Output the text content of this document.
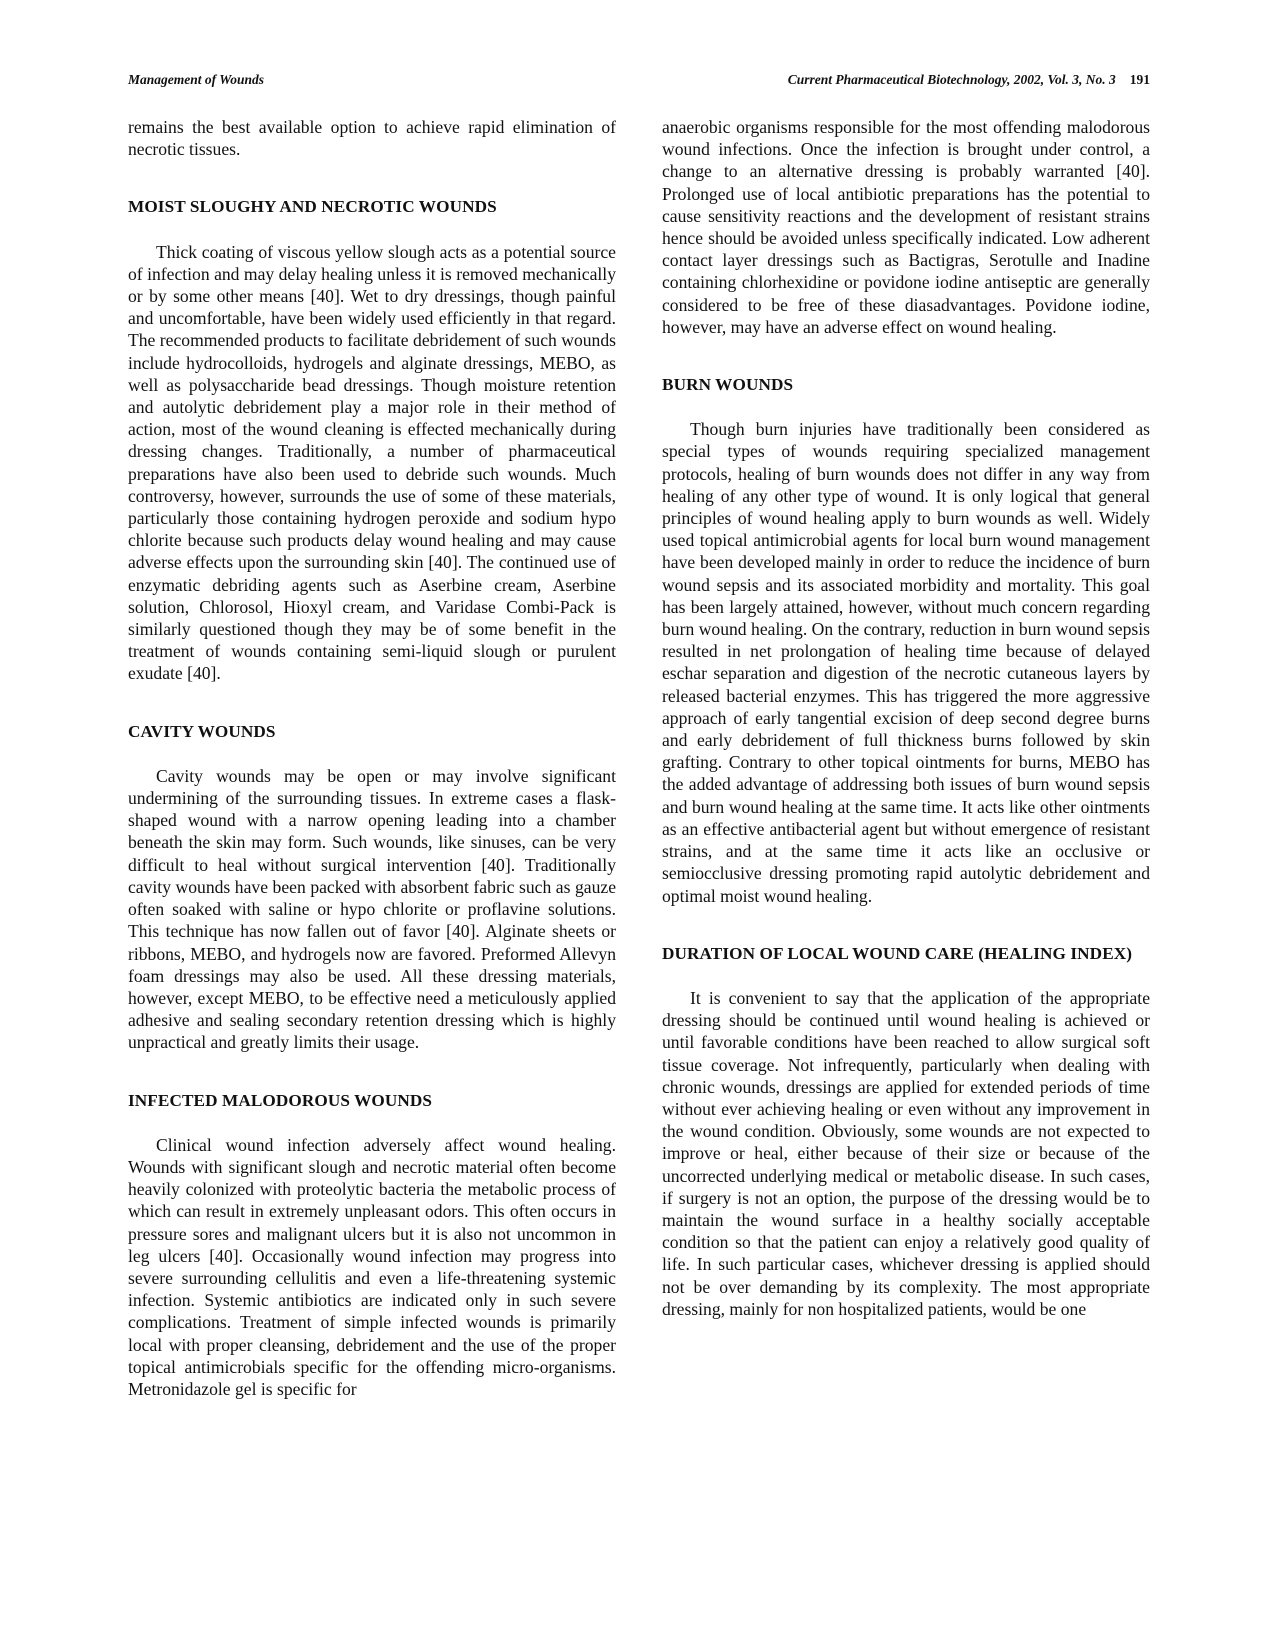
Management of Wounds	Current Pharmaceutical Biotechnology, 2002, Vol. 3, No. 3 191

remains the best available option to achieve rapid elimination of necrotic tissues.

MOIST SLOUGHY AND NECROTIC WOUNDS

Thick coating of viscous yellow slough acts as a potential source of infection and may delay healing unless it is removed mechanically or by some other means [40]. Wet to dry dressings, though painful and uncomfortable, have been widely used efficiently in that regard. The recommended products to facilitate debridement of such wounds include hydrocolloids, hydrogels and alginate dressings, MEBO, as well as polysaccharide bead dressings. Though moisture retention and autolytic debridement play a major role in their method of action, most of the wound cleaning is effected mechanically during dressing changes. Traditionally, a number of pharmaceutical preparations have also been used to debride such wounds. Much controversy, however, surrounds the use of some of these materials, particularly those containing hydrogen peroxide and sodium hypo chlorite because such products delay wound healing and may cause adverse effects upon the surrounding skin [40]. The continued use of enzymatic debriding agents such as Aserbine cream, Aserbine solution, Chlorosol, Hioxyl cream, and Varidase Combi-Pack is similarly questioned though they may be of some benefit in the treatment of wounds containing semi-liquid slough or purulent exudate [40].

CAVITY WOUNDS

Cavity wounds may be open or may involve significant undermining of the surrounding tissues. In extreme cases a flask-shaped wound with a narrow opening leading into a chamber beneath the skin may form. Such wounds, like sinuses, can be very difficult to heal without surgical intervention [40]. Traditionally cavity wounds have been packed with absorbent fabric such as gauze often soaked with saline or hypo chlorite or proflavine solutions. This technique has now fallen out of favor [40]. Alginate sheets or ribbons, MEBO, and hydrogels now are favored. Preformed Allevyn foam dressings may also be used. All these dressing materials, however, except MEBO, to be effective need a meticulously applied adhesive and sealing secondary retention dressing which is highly unpractical and greatly limits their usage.

INFECTED MALODOROUS WOUNDS

Clinical wound infection adversely affect wound healing. Wounds with significant slough and necrotic material often become heavily colonized with proteolytic bacteria the metabolic process of which can result in extremely unpleasant odors. This often occurs in pressure sores and malignant ulcers but it is also not uncommon in leg ulcers [40]. Occasionally wound infection may progress into severe surrounding cellulitis and even a life-threatening systemic infection. Systemic antibiotics are indicated only in such severe complications. Treatment of simple infected wounds is primarily local with proper cleansing, debridement and the use of the proper topical antimicrobials specific for the offending micro-organisms. Metronidazole gel is specific for

anaerobic organisms responsible for the most offending malodorous wound infections. Once the infection is brought under control, a change to an alternative dressing is probably warranted [40]. Prolonged use of local antibiotic preparations has the potential to cause sensitivity reactions and the development of resistant strains hence should be avoided unless specifically indicated. Low adherent contact layer dressings such as Bactigras, Serotulle and Inadine containing chlorhexidine or povidone iodine antiseptic are generally considered to be free of these diasadvantages. Povidone iodine, however, may have an adverse effect on wound healing.

BURN WOUNDS

Though burn injuries have traditionally been considered as special types of wounds requiring specialized management protocols, healing of burn wounds does not differ in any way from healing of any other type of wound. It is only logical that general principles of wound healing apply to burn wounds as well. Widely used topical antimicrobial agents for local burn wound management have been developed mainly in order to reduce the incidence of burn wound sepsis and its associated morbidity and mortality. This goal has been largely attained, however, without much concern regarding burn wound healing. On the contrary, reduction in burn wound sepsis resulted in net prolongation of healing time because of delayed eschar separation and digestion of the necrotic cutaneous layers by released bacterial enzymes. This has triggered the more aggressive approach of early tangential excision of deep second degree burns and early debridement of full thickness burns followed by skin grafting. Contrary to other topical ointments for burns, MEBO has the added advantage of addressing both issues of burn wound sepsis and burn wound healing at the same time. It acts like other ointments as an effective antibacterial agent but without emergence of resistant strains, and at the same time it acts like an occlusive or semiocclusive dressing promoting rapid autolytic debridement and optimal moist wound healing.

DURATION OF LOCAL WOUND CARE (HEALING INDEX)

It is convenient to say that the application of the appropriate dressing should be continued until wound healing is achieved or until favorable conditions have been reached to allow surgical soft tissue coverage. Not infrequently, particularly when dealing with chronic wounds, dressings are applied for extended periods of time without ever achieving healing or even without any improvement in the wound condition. Obviously, some wounds are not expected to improve or heal, either because of their size or because of the uncorrected underlying medical or metabolic disease. In such cases, if surgery is not an option, the purpose of the dressing would be to maintain the wound surface in a healthy socially acceptable condition so that the patient can enjoy a relatively good quality of life. In such particular cases, whichever dressing is applied should not be over demanding by its complexity. The most appropriate dressing, mainly for non hospitalized patients, would be one
